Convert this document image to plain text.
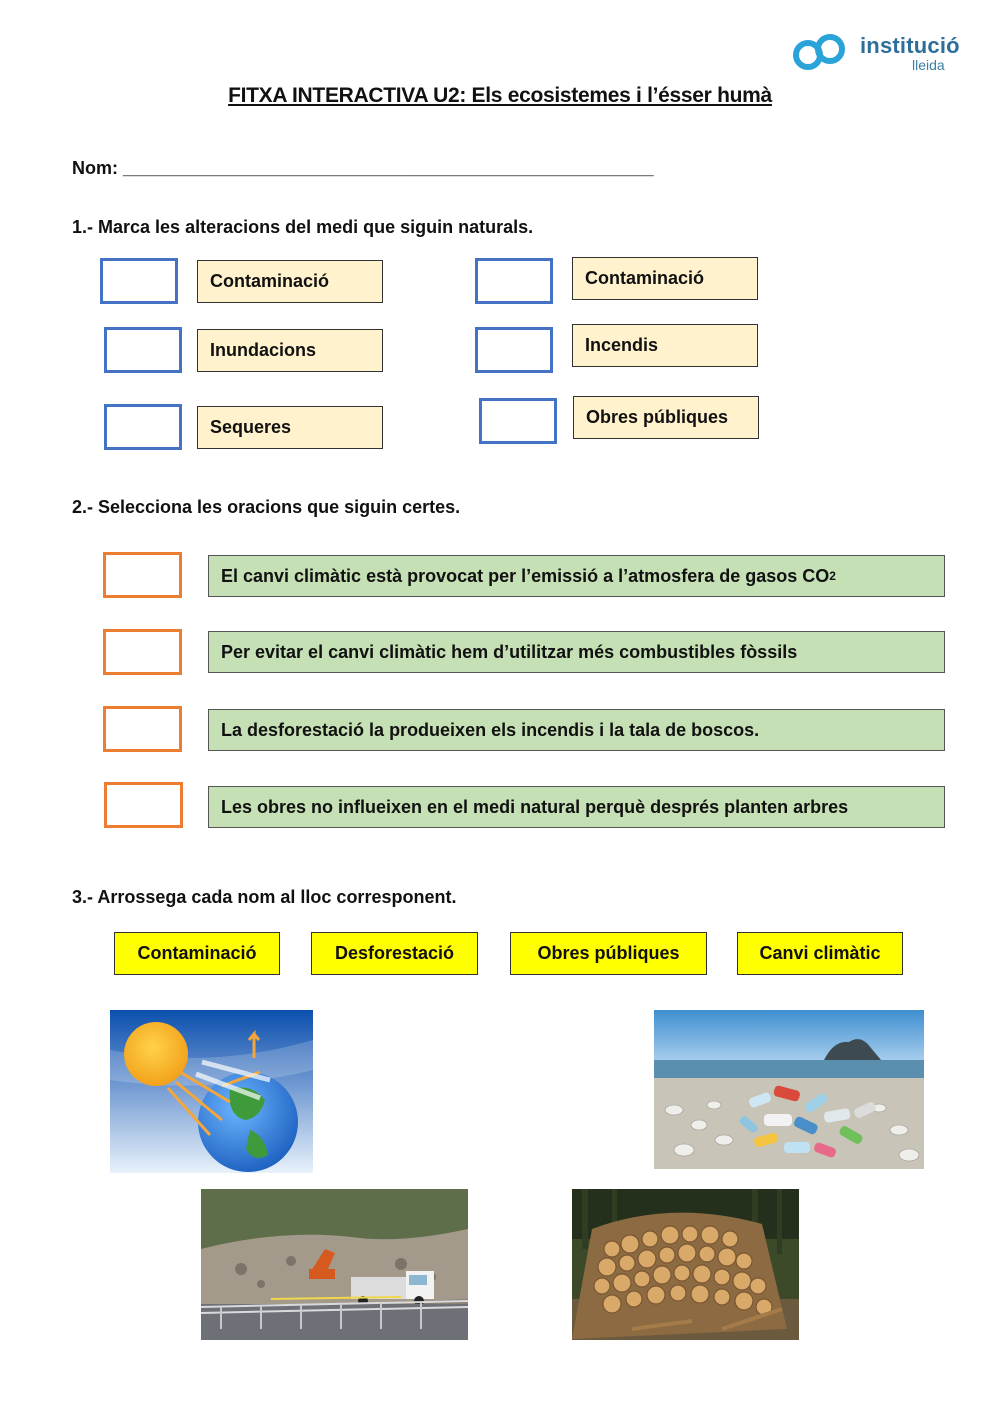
institució
lleida
FITXA INTERACTIVA U2: Els ecosistemes i l’ésser humà
Nom: _____________________________________________________
1.- Marca les alteracions del medi que siguin naturals.
Contaminació
Inundacions
Sequeres
Contaminació
Incendis
Obres públiques
2.- Selecciona les oracions que siguin certes.
El canvi climàtic està provocat per l’emissió a l’atmosfera de gasos CO 2
Per evitar el canvi climàtic hem d’utilitzar més combustibles fòssils
La desforestació la produeixen els incendis i la tala de boscos.
Les obres no influeixen en el medi natural perquè després planten arbres
3.- Arrossega cada nom al lloc corresponent.
Contaminació	Desforestació	Obres públiques	Canvi climàtic
